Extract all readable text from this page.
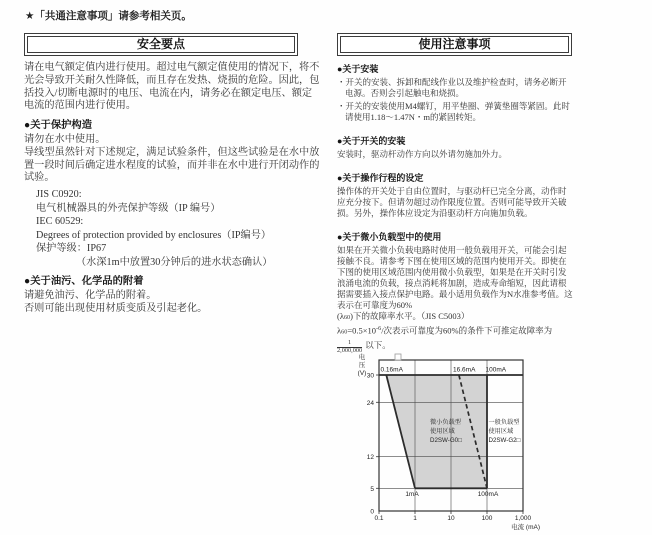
★「共通注意事项」请参考相关页。
安全要点

请在电气额定值内进行使用。超过电气额定值使用的情况下，将不光会导致开关耐久性降低，而且存在发热、烧损的危险。因此，包括投入/切断电源时的电压、电流在内，请务必在额定电压、额定电流的范围内进行使用。

●关于保护构造
请勿在水中使用。
导线型虽然针对下述规定，满足试验条件，但这些试验是在水中放置一段时间后确定进水程度的试验，而并非在水中进行开闭动作的试验。
JIS C0920:
电气机械器具的外壳保护等级（IP 编号）
IEC 60529:
Degrees of protection provided by enclosures（IP编号）
保护等级：IP67
（水深1m中放置30分钟后的进水状态确认）
●关于油污、化学品的附着
请避免油污、化学品的附着。
否则可能出现使用材质变质及引起老化。
使用注意事项
●关于安装
・开关的安装、拆卸和配线作业以及维护检查时，请务必断开电源。否则会引起触电和烧损。
・开关的安装使用M4螺钉，用平垫圈、弹簧垫圈等紧固。此时请使用1.18～1.47N・m的紧固转矩。
●关于开关的安装
安装时，驱动杆动作方向以外请勿施加外力。
●关于操作行程的设定
操作体的开关处于自由位置时，与驱动杆已完全分离，动作时应充分按下。但请勿超过动作限度位置。否则可能导致开关破损。另外，操作体应设定为沿驱动杆方向施加负载。
●关于微小负载型中的使用

如果在开关微小负载电路时使用一般负载用开关，可能会引起接触不良。请参考下图在使用区域的范围内使用开关。即使在下图的使用区域范围内使用微小负载型，如果是在开关时引发浪涌电流的负载，接点消耗将加剧，造成寿命缩短，因此请根据需要插入接点保护电路。最小适用负载作为N水准参考值。这表示在可靠度为60%

(λ60)下的故障率水平。（JIS C5003）
$\lambda 60=0.5\times 10^{-6}/$次表示可靠度为60%的条件下可推定故障率为
$\frac{1}{2,000,000}$ 以下。
电
压
(V) 30
24
12
5
0
0.1	1	10	100	1,000
电流 (mA)
0.16mA	16.6mA 100mA
1mA	100mA
微小负载型
使用区域
D2SW-G0□
一般负载型
使用区域
D2SW-G2□
